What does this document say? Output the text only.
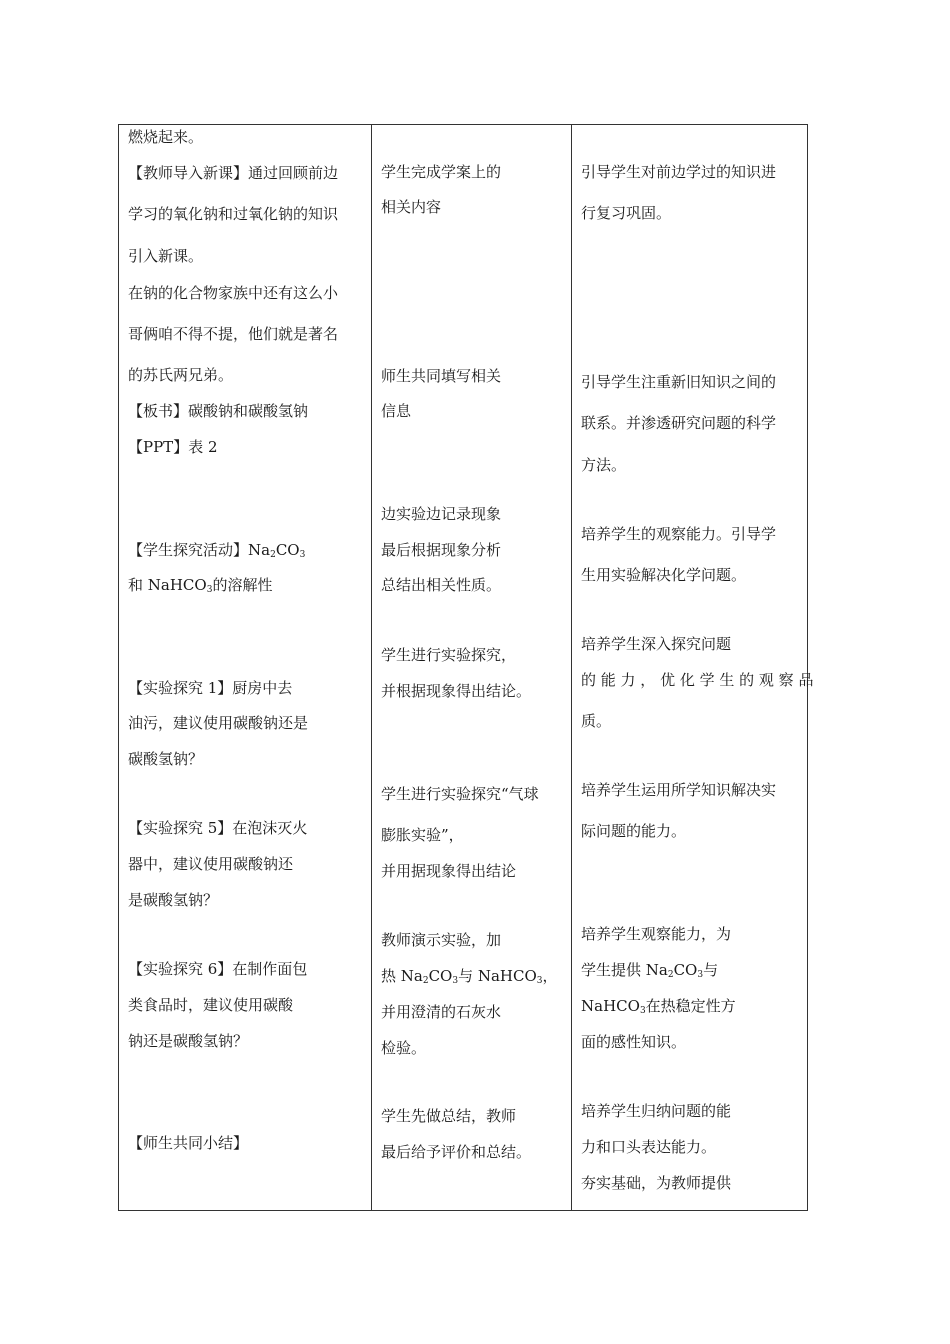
燃烧起来。
【教师导入新课】通过回顾前边
学习的氧化钠和过氧化钠的知识
引入新课。
在钠的化合物家族中还有这么小
哥俩咱不得不提，他们就是著名
的苏氏两兄弟。
【板书】碳酸钠和碳酸氢钠
【PPT】表 2
【学生探究活动】$Na_2CO_3$
和 NaHCO$_3$的溶解性
【实验探究 1】厨房中去
油污，建议使用碳酸钠还是
碳酸氢钠？
【实验探究 5】在泡沫灭火
器中，建议使用碳酸钠还
是碳酸氢钠？
【实验探究 6】在制作面包
类食品时，建议使用碳酸
钠还是碳酸氢钠？
【师生共同小结】
学生完成学案上的
相关内容
师生共同填写相关
信息
边实验边记录现象
最后根据现象分析
总结出相关性质。
学生进行实验探究，
并根据现象得出结论。
学生进行实验探究“气球
膨胀实验”，
并用据现象得出结论
教师演示实验，加
热 $Na_2CO_3$与 NaHCO$_3$，
并用澄清的石灰水
检验。
学生先做总结，教师
最后给予评价和总结。
引导学生对前边学过的知识进
行复习巩固。
引导学生注重新旧知识之间的
联系。并渗透研究问题的科学
方法。
培养学生的观察能力。引导学
生用实验解决化学问题。
培养学生深入探究问题
的 能 力 ， 优 化 学 生 的 观 察 品
质。
培养学生运用所学知识解决实
际问题的能力。
培养学生观察能力，为
学生提供 $Na_2CO_3$与
NaHCO$_3$在热稳定性方
面的感性知识。
培养学生归纳问题的能
力和口头表达能力。
夯实基础，为教师提供
